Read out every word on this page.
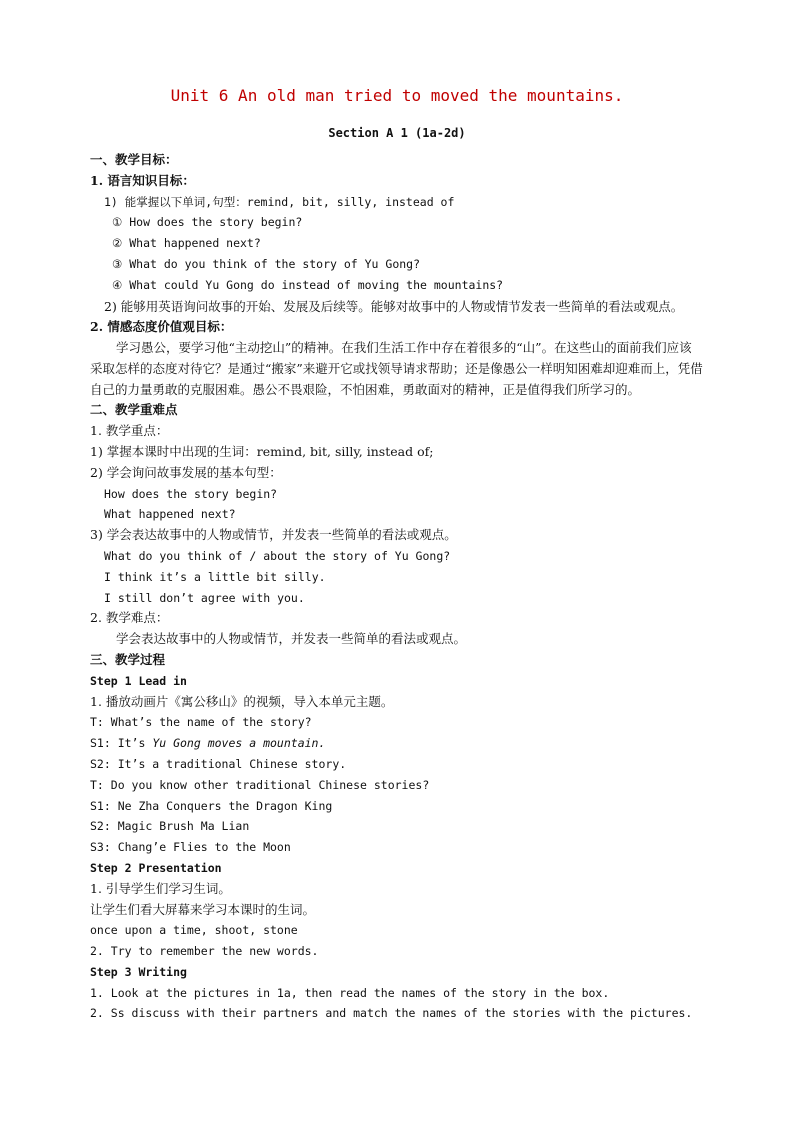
Unit 6 An old man tried to moved the mountains.

Section A 1 (1a-2d)

一、教学目标：

1. 语言知识目标：

1) 能掌握以下单词,句型：remind, bit, silly, instead of

① How does the story begin?

② What happened next?

③ What do you think of the story of Yu Gong?

④ What could Yu Gong do instead of moving the mountains?

2) 能够用英语询问故事的开始、发展及后续等。能够对故事中的人物或情节发表一些简单的看法或观点。

2. 情感态度价值观目标：

学习愚公，要学习他“主动挖山”的精神。在我们生活工作中存在着很多的“山”。在这些山的面前我们应该采取怎样的态度对待它？是通过“搬家”来避开它或找领导请求帮助；还是像愚公一样明知困难却迎难而上，凭借自己的力量勇敢的克服困难。愚公不畏艰险，不怕困难，勇敢面对的精神，正是值得我们所学习的。

二、教学重难点

1. 教学重点：

1) 掌握本课时中出现的生词：remind, bit, silly, instead of;

2) 学会询问故事发展的基本句型：

How does the story begin?

What happened next?

3) 学会表达故事中的人物或情节，并发表一些简单的看法或观点。

What do you think of / about the story of Yu Gong?

I think it’s a little bit silly.

I still don’t agree with you.

2. 教学难点：

学会表达故事中的人物或情节，并发表一些简单的看法或观点。

三、教学过程

Step 1 Lead in

1. 播放动画片《寓公移山》的视频，导入本单元主题。

T: What’s the name of the story?

S1: It’s Yu Gong moves a mountain.

S2: It’s a traditional Chinese story.

T: Do you know other traditional Chinese stories?

S1: Ne Zha Conquers the Dragon King

S2: Magic Brush Ma Lian

S3: Chang’e Flies to the Moon

Step 2 Presentation

1. 引导学生们学习生词。

让学生们看大屏幕来学习本课时的生词。

once upon a time, shoot, stone

2. Try to remember the new words.

Step 3 Writing

1. Look at the pictures in 1a, then read the names of the story in the box.

2. Ss discuss with their partners and match the names of the stories with the pictures.
